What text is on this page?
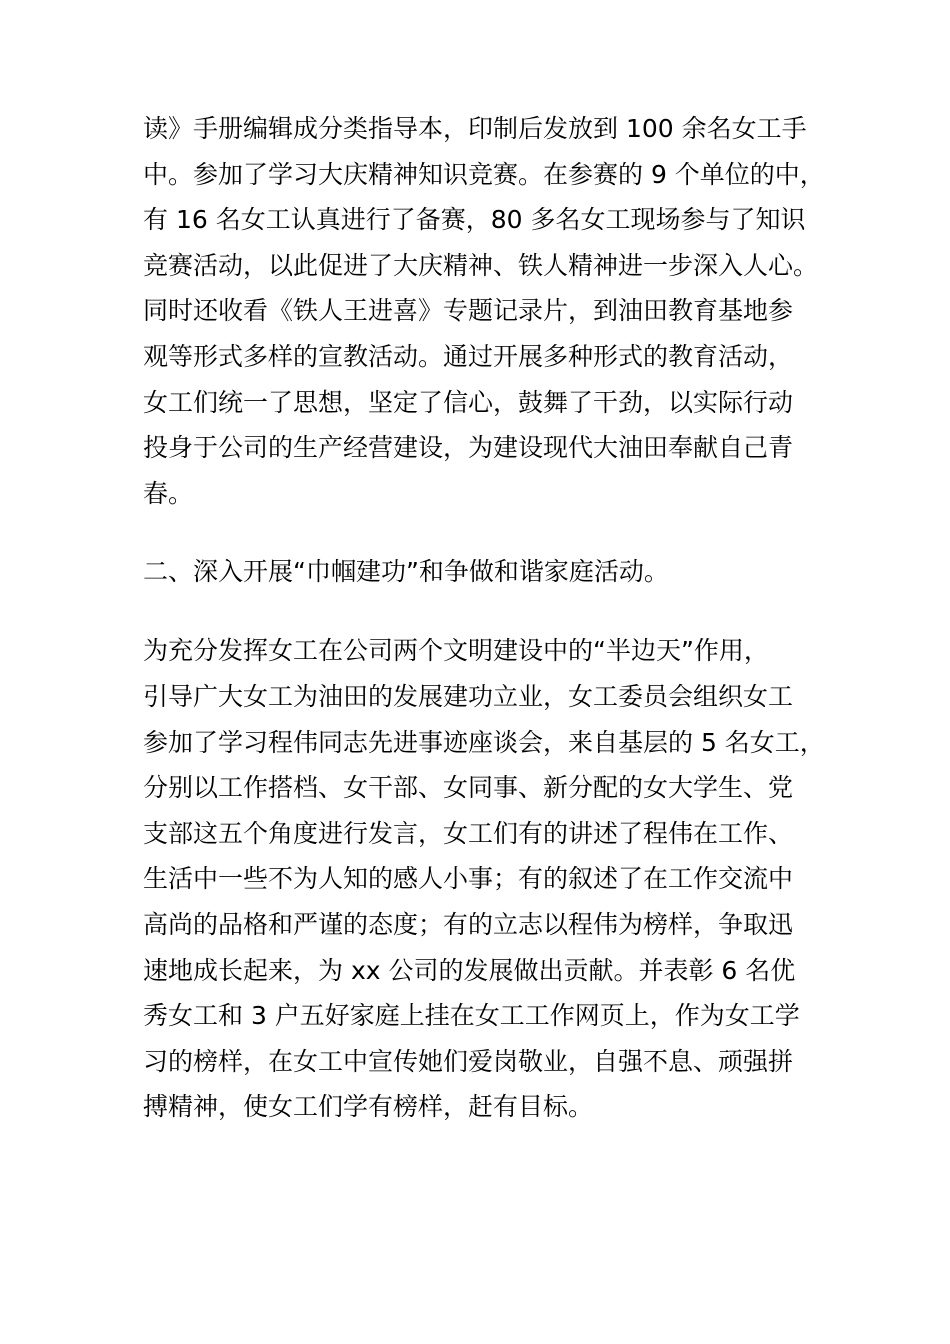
读》手册编辑成分类指导本，印制后发放到 100 余名女工手
中。参加了学习大庆精神知识竞赛。在参赛的 9 个单位的中，
有 16 名女工认真进行了备赛，80 多名女工现场参与了知识
竞赛活动，以此促进了大庆精神、铁人精神进一步深入人心。
同时还收看《铁人王进喜》专题记录片，到油田教育基地参
观等形式多样的宣教活动。通过开展多种形式的教育活动，
女工们统一了思想，坚定了信心，鼓舞了干劲，以实际行动
投身于公司的生产经营建设，为建设现代大油田奉献自己青
春。
二、深入开展“巾帼建功”和争做和谐家庭活动。
为充分发挥女工在公司两个文明建设中的“半边天”作用，
引导广大女工为油田的发展建功立业，女工委员会组织女工
参加了学习程伟同志先进事迹座谈会，来自基层的 5 名女工，
分别以工作搭档、女干部、女同事、新分配的女大学生、党
支部这五个角度进行发言，女工们有的讲述了程伟在工作、
生活中一些不为人知的感人小事；有的叙述了在工作交流中
高尚的品格和严谨的态度；有的立志以程伟为榜样，争取迅
速地成长起来，为 xx 公司的发展做出贡献。并表彰 6 名优
秀女工和 3 户五好家庭上挂在女工工作网页上，作为女工学
习的榜样，在女工中宣传她们爱岗敬业，自强不息、顽强拼
搏精神，使女工们学有榜样，赶有目标。
